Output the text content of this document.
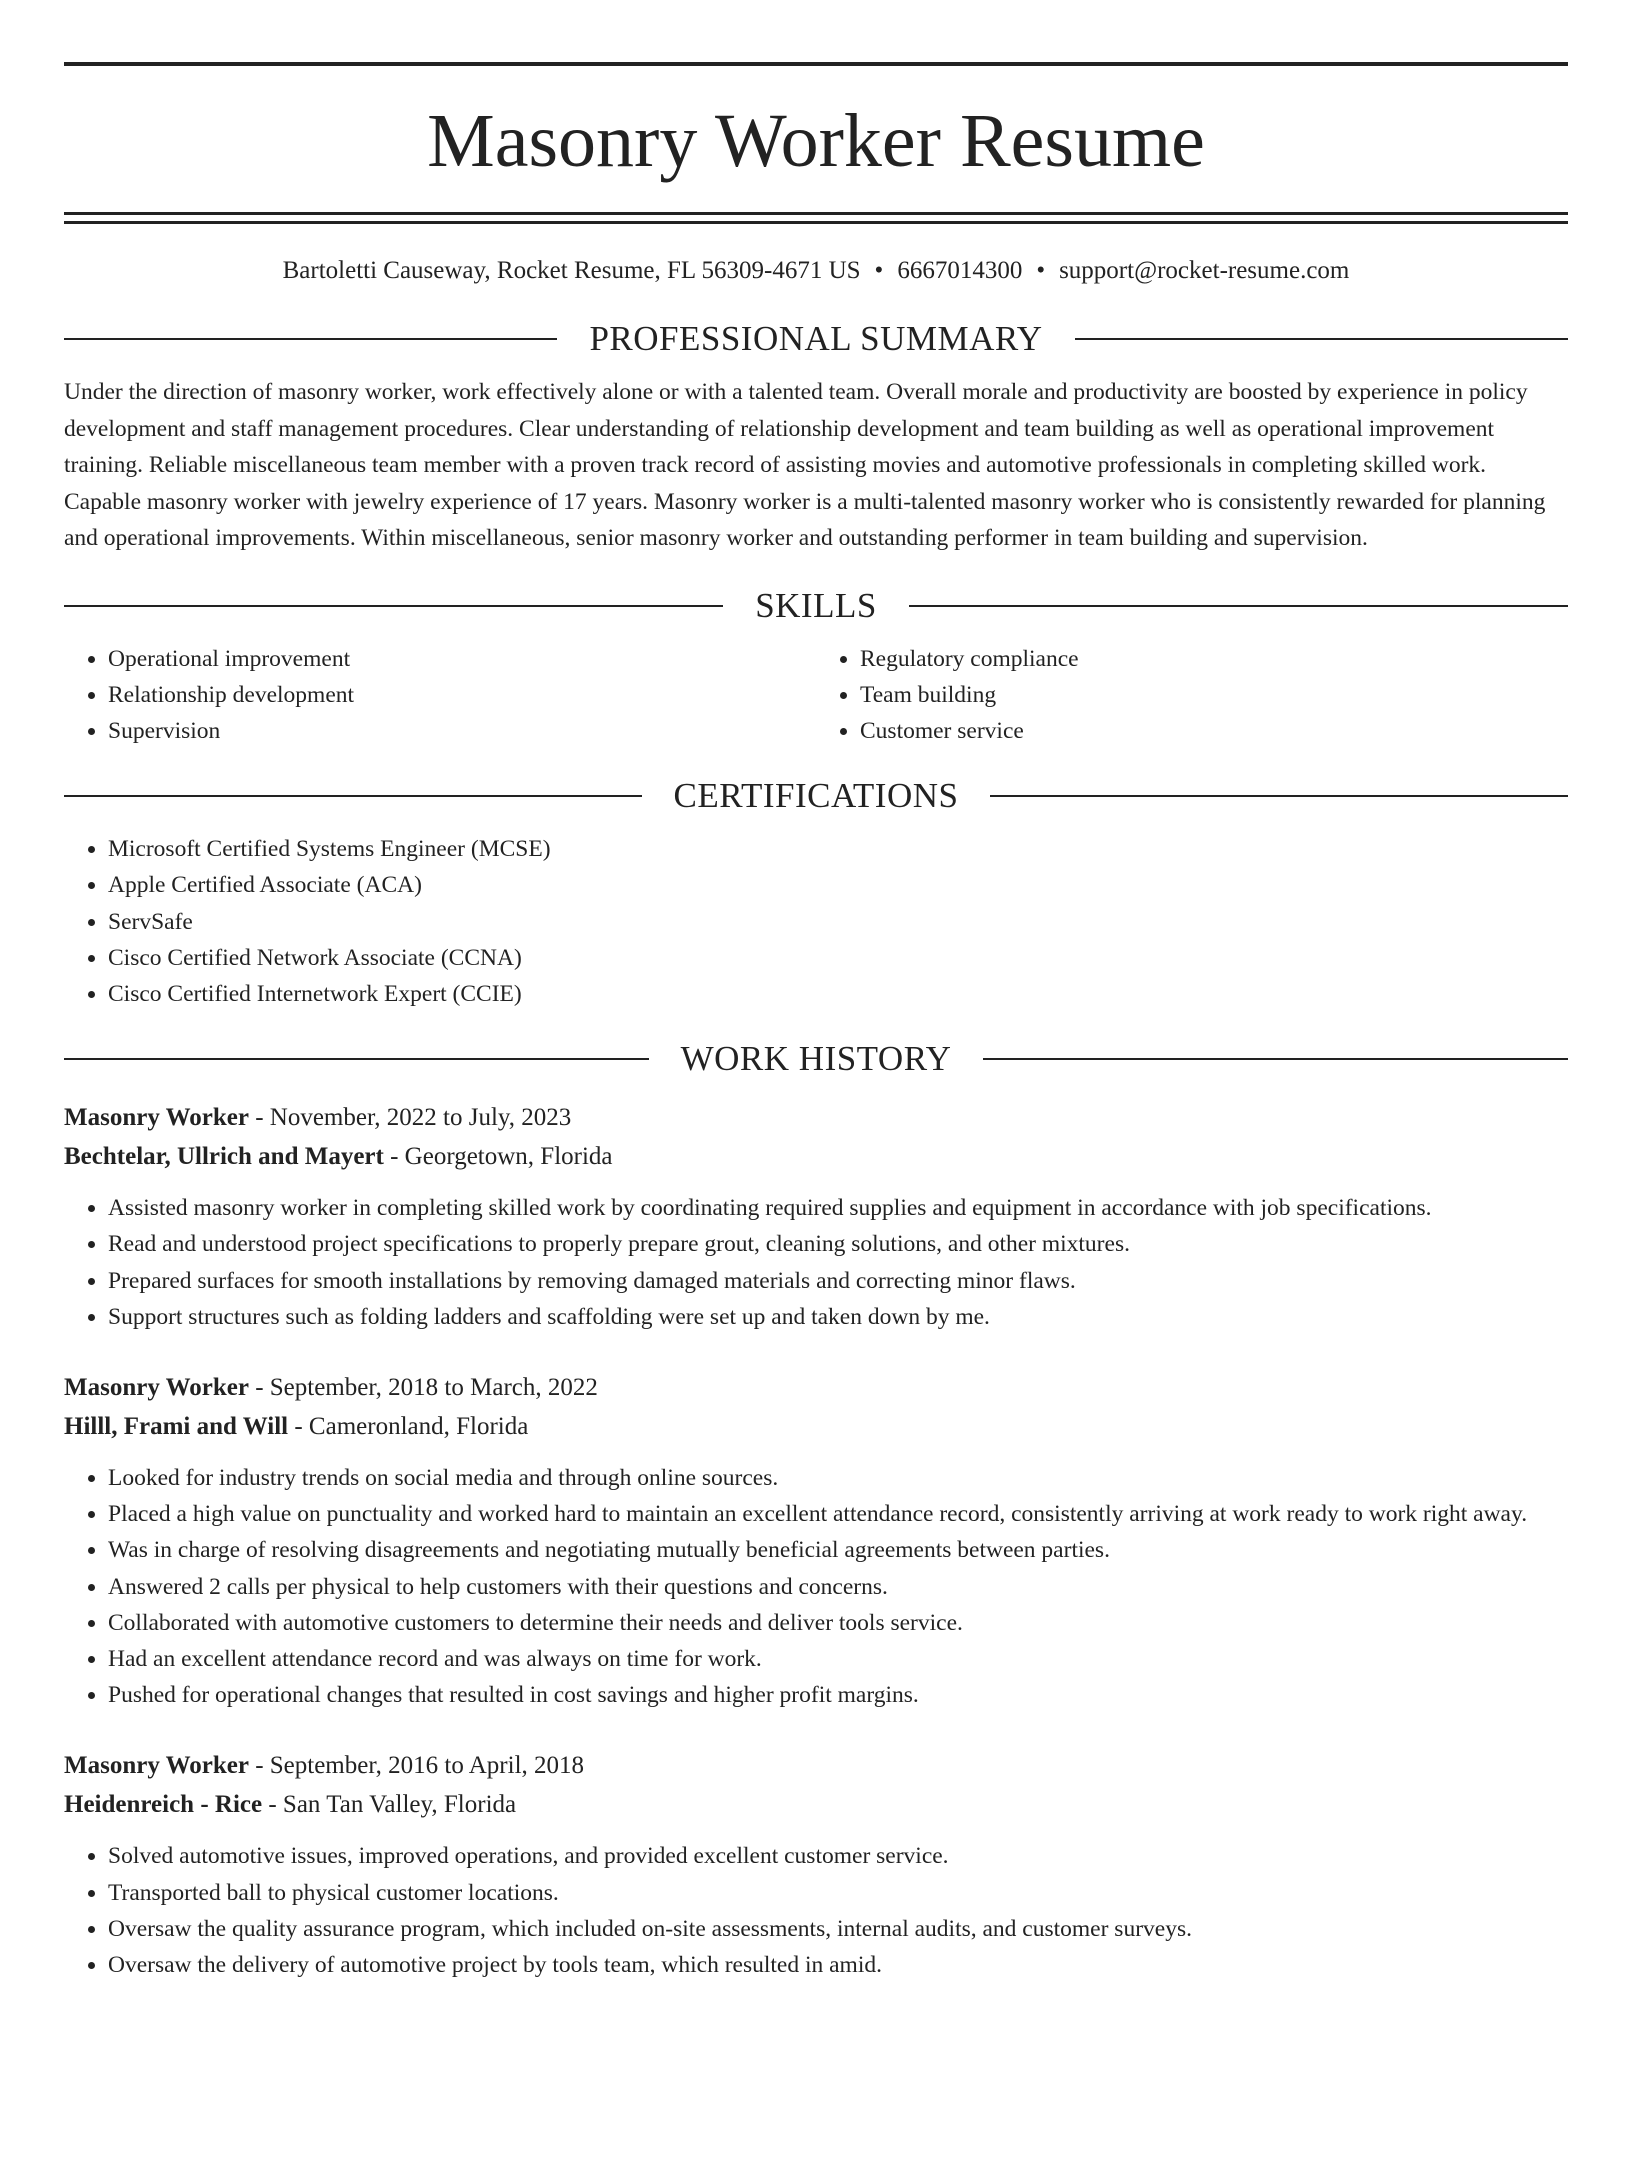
Masonry Worker Resume
Bartoletti Causeway, Rocket Resume, FL 56309-4671 US • 6667014300 • support@rocket-resume.com
PROFESSIONAL SUMMARY
Under the direction of masonry worker, work effectively alone or with a talented team. Overall morale and productivity are boosted by experience in policy development and staff management procedures. Clear understanding of relationship development and team building as well as operational improvement training. Reliable miscellaneous team member with a proven track record of assisting movies and automotive professionals in completing skilled work. Capable masonry worker with jewelry experience of 17 years. Masonry worker is a multi-talented masonry worker who is consistently rewarded for planning and operational improvements. Within miscellaneous, senior masonry worker and outstanding performer in team building and supervision.
SKILLS
• Operational improvement
• Relationship development
• Supervision
• Regulatory compliance
• Team building
• Customer service
CERTIFICATIONS
• Microsoft Certified Systems Engineer (MCSE)
• Apple Certified Associate (ACA)
• ServSafe
• Cisco Certified Network Associate (CCNA)
• Cisco Certified Internetwork Expert (CCIE)
WORK HISTORY
Masonry Worker - November, 2022 to July, 2023
Bechtelar, Ullrich and Mayert - Georgetown, Florida
• Assisted masonry worker in completing skilled work by coordinating required supplies and equipment in accordance with job specifications.
• Read and understood project specifications to properly prepare grout, cleaning solutions, and other mixtures.
• Prepared surfaces for smooth installations by removing damaged materials and correcting minor flaws.
• Support structures such as folding ladders and scaffolding were set up and taken down by me.
Masonry Worker - September, 2018 to March, 2022
Hilll, Frami and Will - Cameronland, Florida
• Looked for industry trends on social media and through online sources.
• Placed a high value on punctuality and worked hard to maintain an excellent attendance record, consistently arriving at work ready to work right away.
• Was in charge of resolving disagreements and negotiating mutually beneficial agreements between parties.
• Answered 2 calls per physical to help customers with their questions and concerns.
• Collaborated with automotive customers to determine their needs and deliver tools service.
• Had an excellent attendance record and was always on time for work.
• Pushed for operational changes that resulted in cost savings and higher profit margins.
Masonry Worker - September, 2016 to April, 2018
Heidenreich - Rice - San Tan Valley, Florida
• Solved automotive issues, improved operations, and provided excellent customer service.
• Transported ball to physical customer locations.
• Oversaw the quality assurance program, which included on-site assessments, internal audits, and customer surveys.
• Oversaw the delivery of automotive project by tools team, which resulted in amid.
